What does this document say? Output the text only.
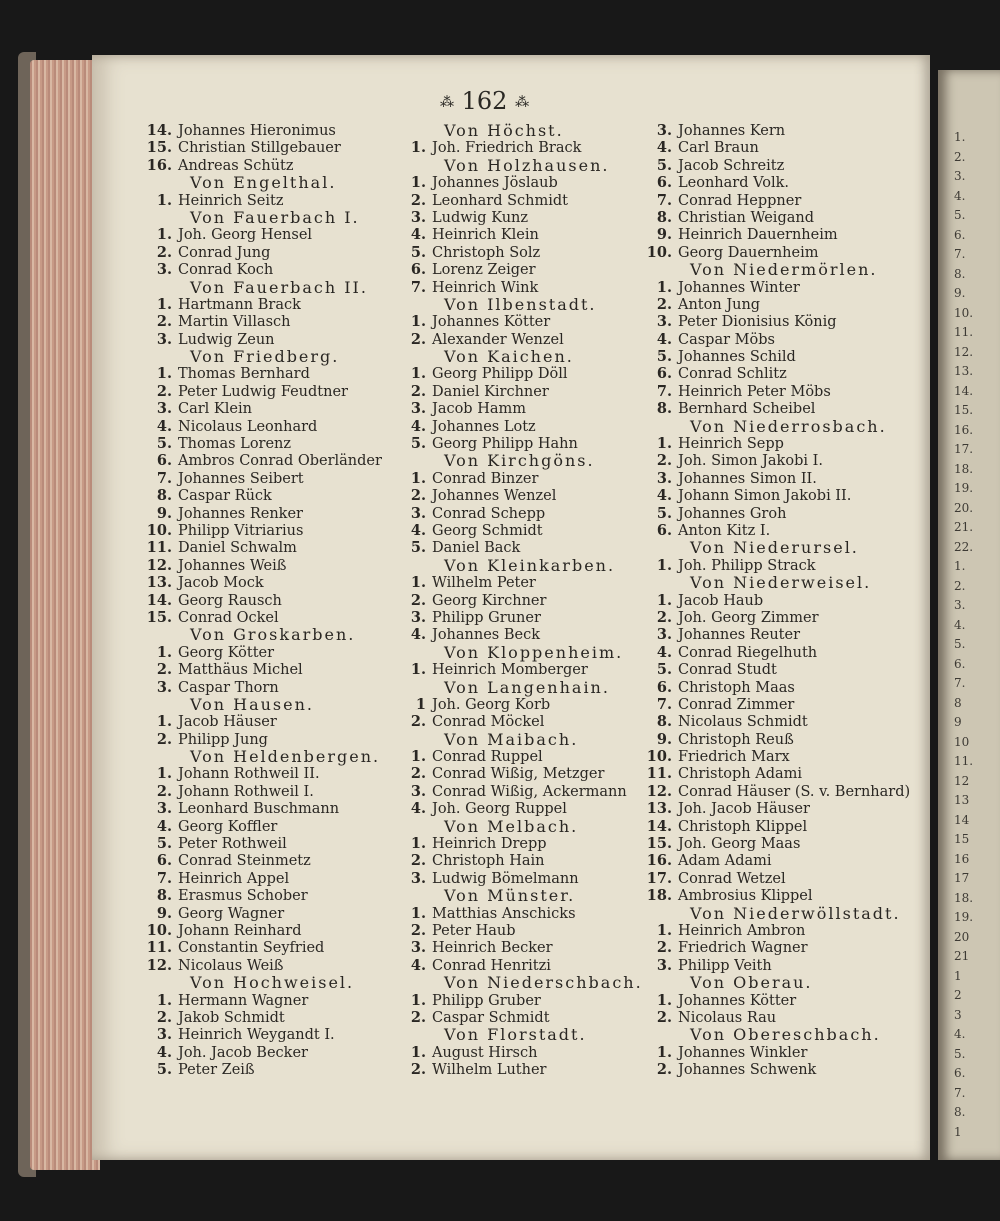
1.
2.
3.
4.
5.
6.
7.
8.
9.
10.
11.
12.
13.
14.
15.
16.
17.
18.
19.
20.
21.
22.
1.
2.
3.
4.
5.
6.
7.
8
9
10
11.
12
13
14
15
16
17
18.
19.
20
21
1
2
3
4.
5.
6.
7.
8.
1
⁂ 162 ⁂
14. Johannes Hieronimus
15. Christian Stillgebauer
16. Andreas Schütz
Von Engelthal.
1. Heinrich Seitz
Von Fauerbach I.
1. Joh. Georg Hensel
2. Conrad Jung
3. Conrad Koch
Von Fauerbach II.
1. Hartmann Brack
2. Martin Villasch
3. Ludwig Zeun
Von Friedberg.
1. Thomas Bernhard
2. Peter Ludwig Feudtner
3. Carl Klein
4. Nicolaus Leonhard
5. Thomas Lorenz
6. Ambros Conrad Oberländer
7. Johannes Seibert
8. Caspar Rück
9. Johannes Renker
10. Philipp Vitriarius
11. Daniel Schwalm
12. Johannes Weiß
13. Jacob Mock
14. Georg Rausch
15. Conrad Ockel
Von Groskarben.
1. Georg Kötter
2. Matthäus Michel
3. Caspar Thorn
Von Hausen.
1. Jacob Häuser
2. Philipp Jung
Von Heldenbergen.
1. Johann Rothweil II.
2. Johann Rothweil I.
3. Leonhard Buschmann
4. Georg Koffler
5. Peter Rothweil
6. Conrad Steinmetz
7. Heinrich Appel
8. Erasmus Schober
9. Georg Wagner
10. Johann Reinhard
11. Constantin Seyfried
12. Nicolaus Weiß
Von Hochweisel.
1. Hermann Wagner
2. Jakob Schmidt
3. Heinrich Weygandt I.
4. Joh. Jacob Becker
5. Peter Zeiß
Von Höchst.
1. Joh. Friedrich Brack
Von Holzhausen.
1. Johannes Jöslaub
2. Leonhard Schmidt
3. Ludwig Kunz
4. Heinrich Klein
5. Christoph Solz
6. Lorenz Zeiger
7. Heinrich Wink
Von Ilbenstadt.
1. Johannes Kötter
2. Alexander Wenzel
Von Kaichen.
1. Georg Philipp Döll
2. Daniel Kirchner
3. Jacob Hamm
4. Johannes Lotz
5. Georg Philipp Hahn
Von Kirchgöns.
1. Conrad Binzer
2. Johannes Wenzel
3. Conrad Schepp
4. Georg Schmidt
5. Daniel Back
Von Kleinkarben.
1. Wilhelm Peter
2. Georg Kirchner
3. Philipp Gruner
4. Johannes Beck
Von Kloppenheim.
1. Heinrich Momberger
Von Langenhain.
1 Joh. Georg Korb
2. Conrad Möckel
Von Maibach.
1. Conrad Ruppel
2. Conrad Wißig, Metzger
3. Conrad Wißig, Ackermann
4. Joh. Georg Ruppel
Von Melbach.
1. Heinrich Drepp
2. Christoph Hain
3. Ludwig Bömelmann
Von Münster.
1. Matthias Anschicks
2. Peter Haub
3. Heinrich Becker
4. Conrad Henritzi
Von Niederschbach.
1. Philipp Gruber
2. Caspar Schmidt
Von Florstadt.
1. August Hirsch
2. Wilhelm Luther
3. Johannes Kern
4. Carl Braun
5. Jacob Schreitz
6. Leonhard Volk.
7. Conrad Heppner
8. Christian Weigand
9. Heinrich Dauernheim
10. Georg Dauernheim
Von Niedermörlen.
1. Johannes Winter
2. Anton Jung
3. Peter Dionisius König
4. Caspar Möbs
5. Johannes Schild
6. Conrad Schlitz
7. Heinrich Peter Möbs
8. Bernhard Scheibel
Von Niederrosbach.
1. Heinrich Sepp
2. Joh. Simon Jakobi I.
3. Johannes Simon II.
4. Johann Simon Jakobi II.
5. Johannes Groh
6. Anton Kitz I.
Von Niederursel.
1. Joh. Philipp Strack
Von Niederweisel.
1. Jacob Haub
2. Joh. Georg Zimmer
3. Johannes Reuter
4. Conrad Riegelhuth
5. Conrad Studt
6. Christoph Maas
7. Conrad Zimmer
8. Nicolaus Schmidt
9. Christoph Reuß
10. Friedrich Marx
11. Christoph Adami
12. Conrad Häuser (S. v. Bernhard)
13. Joh. Jacob Häuser
14. Christoph Klippel
15. Joh. Georg Maas
16. Adam Adami
17. Conrad Wetzel
18. Ambrosius Klippel
Von Niederwöllstadt.
1. Heinrich Ambron
2. Friedrich Wagner
3. Philipp Veith
Von Oberau.
1. Johannes Kötter
2. Nicolaus Rau
Von Obereschbach.
1. Johannes Winkler
2. Johannes Schwenk
